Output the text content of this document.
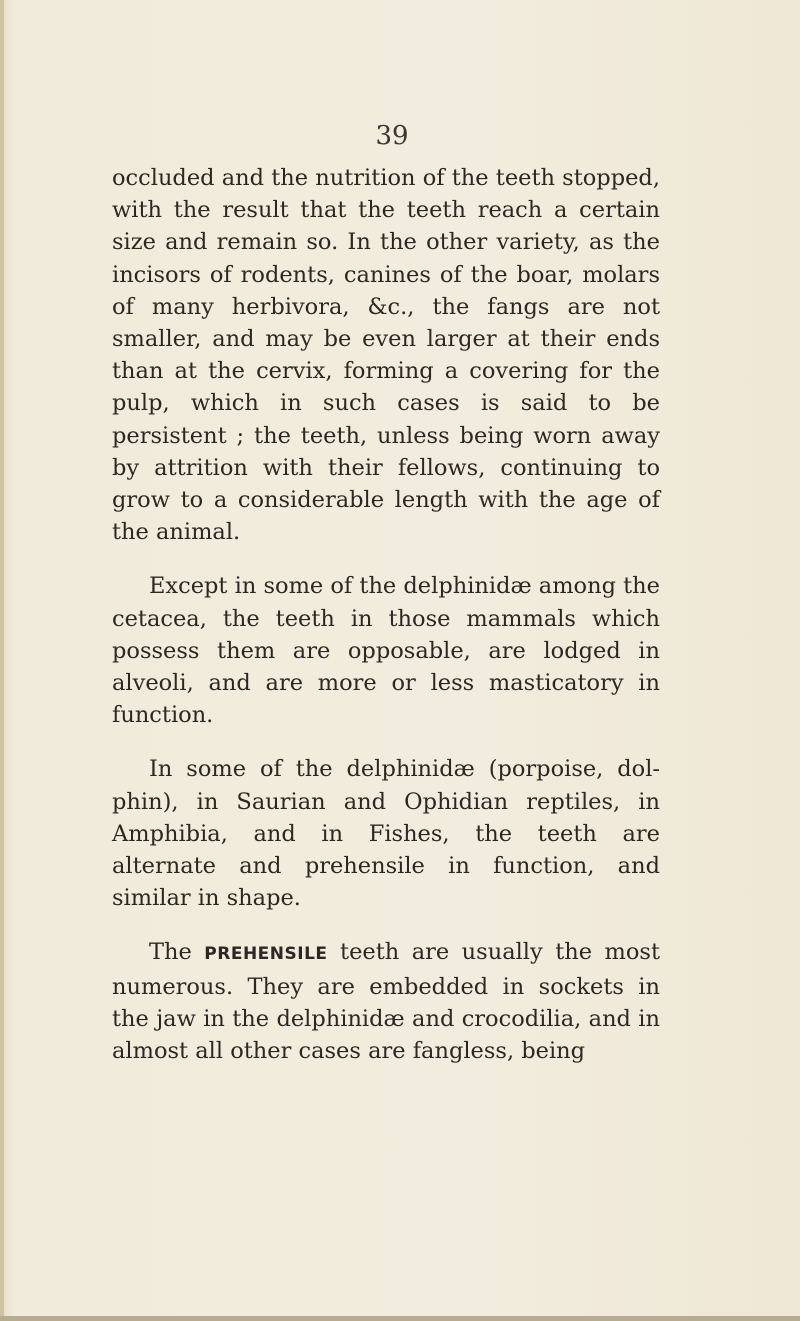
39

occluded and the nutrition of the teeth stopped, with the result that the teeth reach a certain size and remain so. In the other variety, as the incisors of rodents, canines of the boar, molars of many herbivora, &c., the fangs are not smaller, and may be even larger at their ends than at the cervix, forming a covering for the pulp, which in such cases is said to be persistent ; the teeth, unless being worn away by attrition with their fellows, continuing to grow to a considerable length with the age of the animal.

Except in some of the delphinidæ among the cetacea, the teeth in those mammals which possess them are opposable, are lodged in alveoli, and are more or less masticatory in function.

In some of the delphinidæ (porpoise, dol-phin), in Saurian and Ophidian reptiles, in Amphibia, and in Fishes, the teeth are alternate and prehensile in function, and similar in shape.

The PREHENSILE teeth are usually the most numerous. They are embedded in sockets in the jaw in the delphinidæ and crocodilia, and in almost all other cases are fangless, being
